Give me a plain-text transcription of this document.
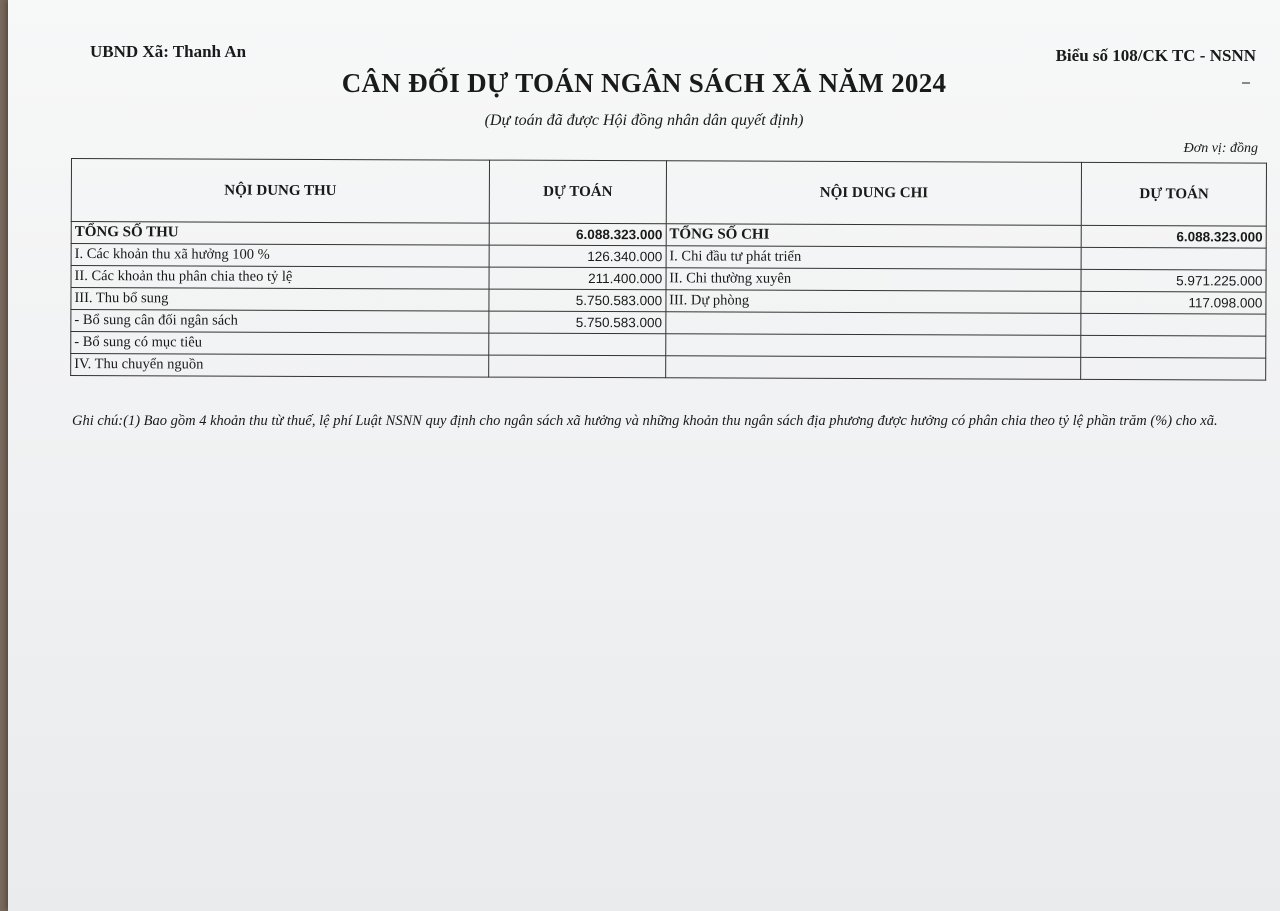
UBND Xã: Thanh An	Biểu số 108/CK TC - NSNN
CÂN ĐỐI DỰ TOÁN NGÂN SÁCH XÃ NĂM 2024
(Dự toán đã được Hội đồng nhân dân quyết định)
Đơn vị: đồng
NỘI DUNG THU	DỰ TOÁN	NỘI DUNG CHI	DỰ TOÁN
TỔNG SỐ THU	6.088.323.000	TỔNG SỐ CHI	6.088.323.000
I. Các khoản thu xã hưởng 100 %	126.340.000	I. Chi đầu tư phát triển	
II. Các khoản thu phân chia theo tỷ lệ	211.400.000	II. Chi thường xuyên	5.971.225.000
III. Thu bổ sung	5.750.583.000	III. Dự phòng	117.098.000
- Bổ sung cân đối ngân sách	5.750.583.000		
- Bổ sung có mục tiêu			
IV. Thu chuyển nguồn			
Ghi chú:(1) Bao gồm 4 khoản thu từ thuế, lệ phí Luật NSNN quy định cho ngân sách xã hưởng và những khoản thu ngân sách địa phương được hưởng có phân chia theo tỷ lệ phần trăm (%) cho xã.
